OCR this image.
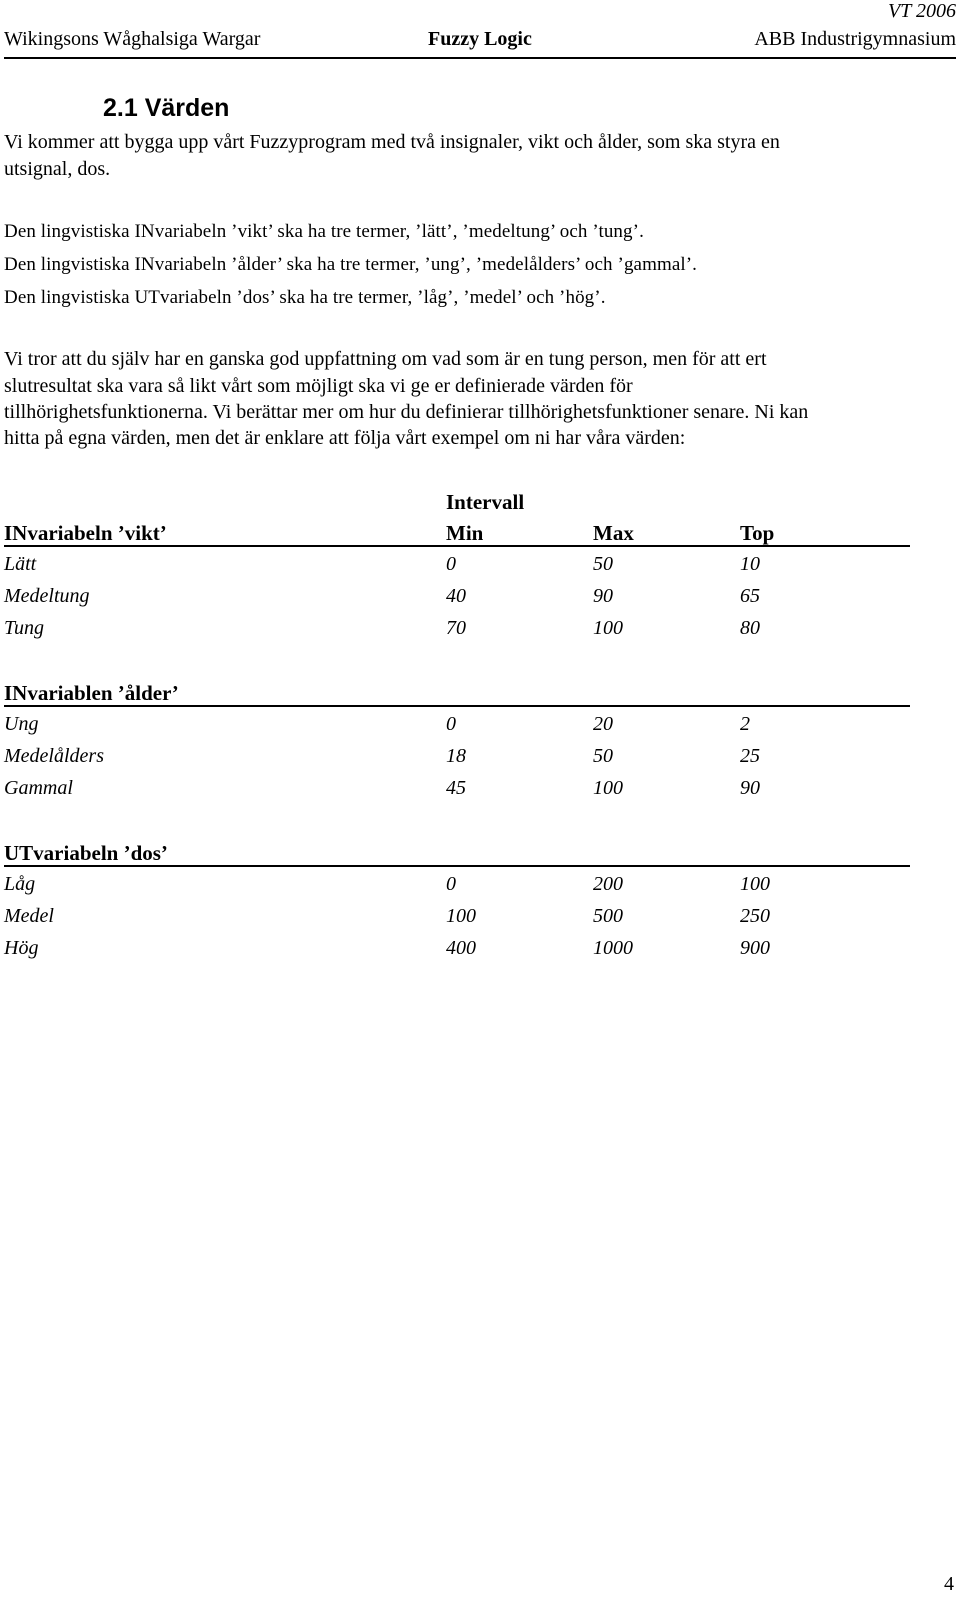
VT 2006
Wikingsons Wåghalsiga Wargar	Fuzzy Logic	ABB Industrigymnasium
2.1 Värden
Vi kommer att bygga upp vårt Fuzzyprogram med två insignaler, vikt och ålder, som ska styra en
utsignal, dos.
Den lingvistiska INvariabeln ’vikt’ ska ha tre termer, ’lätt’, ’medeltung’ och ’tung’.
Den lingvistiska INvariabeln ’ålder’ ska ha tre termer, ’ung’, ’medelålders’ och ’gammal’.
Den lingvistiska UTvariabeln ’dos’ ska ha tre termer, ’låg’, ’medel’ och ’hög’.
Vi tror att du själv har en ganska god uppfattning om vad som är en tung person, men för att ert
slutresultat ska vara så likt vårt som möjligt ska vi ge er definierade värden för
tillhörighetsfunktionerna. Vi berättar mer om hur du definierar tillhörighetsfunktioner senare. Ni kan
hitta på egna värden, men det är enklare att följa vårt exempel om ni har våra värden:
Intervall
INvariabeln ’vikt’	Min	Max	Top
Lätt	0	50	10
Medeltung	40	90	65
Tung	70	100	80
INvariablen ’ålder’
Ung	0	20	2
Medelålders	18	50	25
Gammal	45	100	90
UTvariabeln ’dos’
Låg	0	200	100
Medel	100	500	250
Hög	400	1000	900
4
